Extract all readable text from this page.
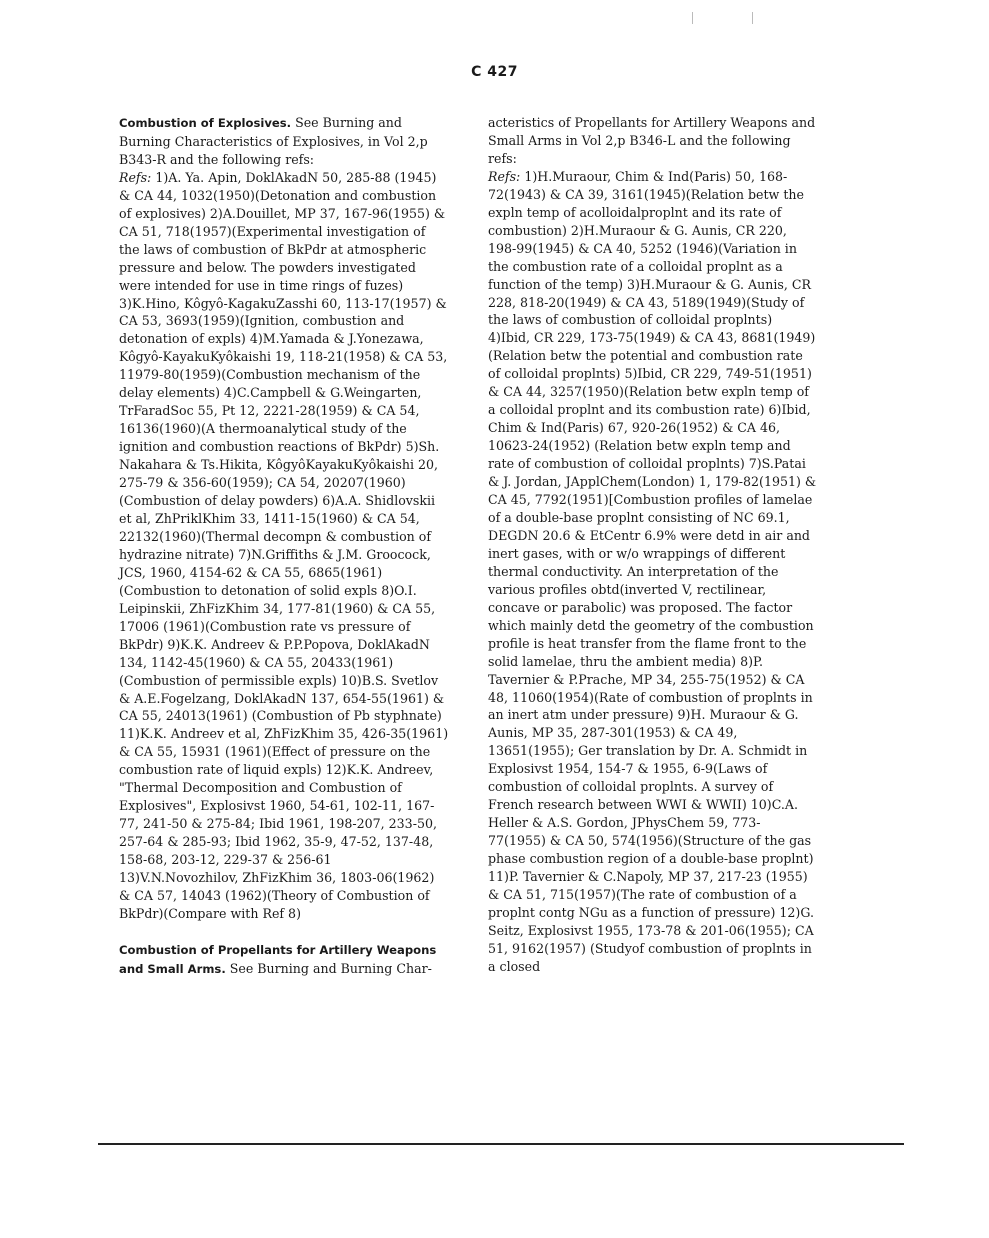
C 427

Combustion of Explosives. See Burning and Burning Characteristics of Explosives, in Vol 2,p B343-R and the following refs:
Refs: 1)A. Ya. Apin, DoklAkadN 50, 285-88 (1945) & CA 44, 1032(1950)(Detonation and combustion of explosives) 2)A.Douillet, MP 37, 167-96(1955) & CA 51, 718(1957)(Experimental investigation of the laws of combustion of BkPdr at atmospheric pressure and below. The powders investigated were intended for use in time rings of fuzes) 3)K.Hino, Kôgyô-KagakuZasshi 60, 113-17(1957) & CA 53, 3693(1959)(Ignition, combustion and detonation of expls) 4)M.Yamada & J.Yonezawa, Kôgyô-KayakuKyôkaishi 19, 118-21(1958) & CA 53, 11979-80(1959)(Combustion mechanism of the delay elements) 4)C.Campbell & G.Weingarten, TrFaradSoc 55, Pt 12, 2221-28(1959) & CA 54, 16136(1960)(A thermoanalytical study of the ignition and combustion reactions of BkPdr) 5)Sh. Nakahara & Ts.Hikita, KôgyôKayakuKyôkaishi 20, 275-79 & 356-60(1959); CA 54, 20207(1960)(Combustion of delay powders) 6)A.A. Shidlovskii et al, ZhPriklKhim 33, 1411-15(1960) & CA 54, 22132(1960)(Thermal decompn & combustion of hydrazine nitrate) 7)N.Griffiths & J.M. Groocock, JCS, 1960, 4154-62 & CA 55, 6865(1961) (Combustion to detonation of solid expls 8)O.I. Leipinskii, ZhFizKhim 34, 177-81(1960) & CA 55, 17006 (1961)(Combustion rate vs pressure of BkPdr) 9)K.K. Andreev & P.P.Popova, DoklAkadN 134, 1142-45(1960) & CA 55, 20433(1961) (Combustion of permissible expls) 10)B.S. Svetlov & A.E.Fogelzang, DoklAkadN 137, 654-55(1961) & CA 55, 24013(1961) (Combustion of Pb styphnate) 11)K.K. Andreev et al, ZhFizKhim 35, 426-35(1961) & CA 55, 15931 (1961)(Effect of pressure on the combustion rate of liquid expls) 12)K.K. Andreev, "Thermal Decomposition and Combustion of Explosives", Explosivst 1960, 54-61, 102-11, 167-77, 241-50 & 275-84; Ibid 1961, 198-207, 233-50, 257-64 & 285-93; Ibid 1962, 35-9, 47-52, 137-48, 158-68, 203-12, 229-37 & 256-61 13)V.N.Novozhilov, ZhFizKhim 36, 1803-06(1962) & CA 57, 14043 (1962)(Theory of Combustion of BkPdr)(Compare with Ref 8)

Combustion of Propellants for Artillery Weapons and Small Arms. See Burning and Burning Char-

acteristics of Propellants for Artillery Weapons and Small Arms in Vol 2,p B346-L and the following refs:
Refs: 1)H.Muraour, Chim & Ind(Paris) 50, 168-72(1943) & CA 39, 3161(1945)(Relation betw the expln temp of acolloidalproplnt and its rate of combustion) 2)H.Muraour & G. Aunis, CR 220, 198-99(1945) & CA 40, 5252 (1946)(Variation in the combustion rate of a colloidal proplnt as a function of the temp) 3)H.Muraour & G. Aunis, CR 228, 818-20(1949) & CA 43, 5189(1949)(Study of the laws of combustion of colloidal proplnts) 4)Ibid, CR 229, 173-75(1949) & CA 43, 8681(1949)(Relation betw the potential and combustion rate of colloidal proplnts) 5)Ibid, CR 229, 749-51(1951) & CA 44, 3257(1950)(Relation betw expln temp of a colloidal proplnt and its combustion rate) 6)Ibid, Chim & Ind(Paris) 67, 920-26(1952) & CA 46, 10623-24(1952) (Relation betw expln temp and rate of combustion of colloidal proplnts) 7)S.Patai & J. Jordan, JApplChem(London) 1, 179-82(1951) & CA 45, 7792(1951)[Combustion profiles of lamelae of a double-base proplnt consisting of NC 69.1, DEGDN 20.6 & EtCentr 6.9% were detd in air and inert gases, with or w/o wrappings of different thermal conductivity. An interpretation of the various profiles obtd(inverted V, rectilinear, concave or parabolic) was proposed. The factor which mainly detd the geometry of the combustion profile is heat transfer from the flame front to the solid lamelae, thru the ambient media) 8)P. Tavernier & P.Prache, MP 34, 255-75(1952) & CA 48, 11060(1954)(Rate of combustion of proplnts in an inert atm under pressure) 9)H. Muraour & G. Aunis, MP 35, 287-301(1953) & CA 49, 13651(1955); Ger translation by Dr. A. Schmidt in Explosivst 1954, 154-7 & 1955, 6-9(Laws of combustion of colloidal proplnts. A survey of French research between WWI & WWII) 10)C.A. Heller & A.S. Gordon, JPhysChem 59, 773-77(1955) & CA 50, 574(1956)(Structure of the gas phase combustion region of a double-base proplnt) 11)P. Tavernier & C.Napoly, MP 37, 217-23 (1955) & CA 51, 715(1957)(The rate of combustion of a proplnt contg NGu as a function of pressure) 12)G. Seitz, Explosivst 1955, 173-78 & 201-06(1955); CA 51, 9162(1957) (Studyof combustion of proplnts in a closed
